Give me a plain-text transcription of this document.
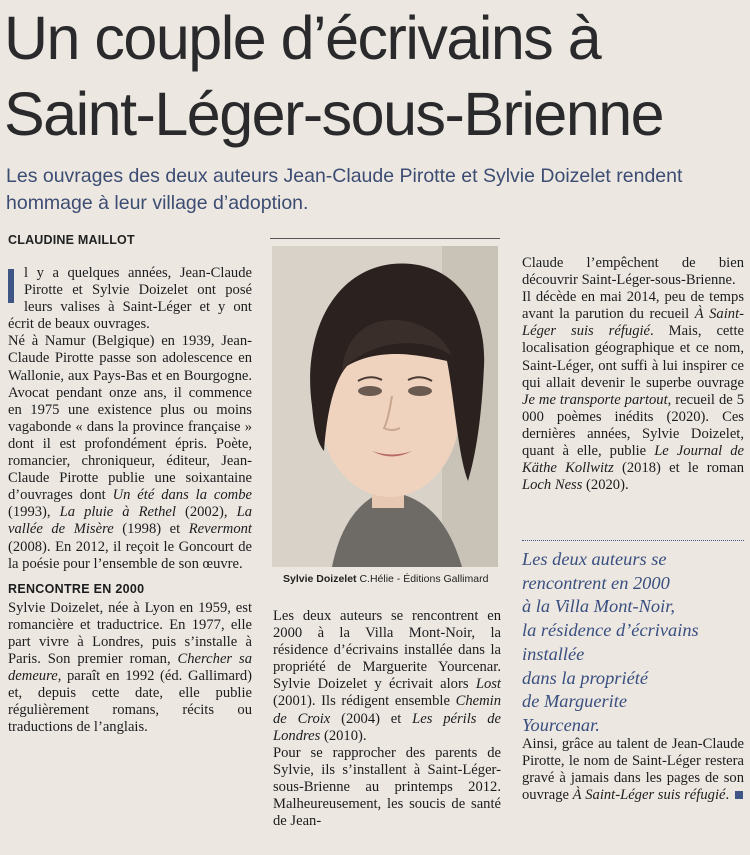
Un couple d’écrivains à
Saint-Léger-sous-Brienne

Les ouvrages des deux auteurs Jean-Claude Pirotte et Sylvie Doizelet rendent hommage à leur village d’adoption.

CLAUDINE MAILLOT

l y a quelques années, Jean-Claude Pirotte et Sylvie Doizelet ont posé leurs valises à Saint-Léger et y ont écrit de beaux ouvrages.

Né à Namur (Belgique) en 1939, Jean-Claude Pirotte passe son adolescence en Wallonie, aux Pays-Bas et en Bourgogne. Avocat pendant onze ans, il commence en 1975 une existence plus ou moins vagabonde « dans la province française » dont il est profondément épris. Poète, romancier, chroniqueur, éditeur, Jean-Claude Pirotte publie une soixantaine d’ouvrages dont Un été dans la combe (1993), La pluie à Rethel (2002), La vallée de Misère (1998) et Revermont (2008). En 2012, il reçoit le Goncourt de la poésie pour l’ensemble de son œuvre.

RENCONTRE EN 2000

Sylvie Doizelet, née à Lyon en 1959, est romancière et traductrice. En 1977, elle part vivre à Londres, puis s’installe à Paris. Son premier roman, Chercher sa demeure, paraît en 1992 (éd. Gallimard) et, depuis cette date, elle publie régulièrement romans, récits ou traductions de l’anglais.

Sylvie Doizelet C.Hélie - Éditions Gallimard

Les deux auteurs se rencontrent en 2000 à la Villa Mont-Noir, la résidence d’écrivains installée dans la propriété de Marguerite Yourcenar. Sylvie Doizelet y écrivait alors Lost (2001). Ils rédigent ensemble Chemin de Croix (2004) et Les périls de Londres (2010).

Pour se rapprocher des parents de Sylvie, ils s’installent à Saint-Léger-sous-Brienne au printemps 2012. Malheureusement, les soucis de santé de Jean-

Claude l’empêchent de bien découvrir Saint-Léger-sous-Brienne.

Il décède en mai 2014, peu de temps avant la parution du recueil À Saint-Léger suis réfugié. Mais, cette localisation géographique et ce nom, Saint-Léger, ont suffi à lui inspirer ce qui allait devenir le superbe ouvrage Je me transporte partout, recueil de 5 000 poèmes inédits (2020). Ces dernières années, Sylvie Doizelet, quant à elle, publie Le Journal de Käthe Kollwitz (2018) et le roman Loch Ness (2020).

Les deux auteurs se
rencontrent en 2000
à la Villa Mont-Noir,
la résidence d’écrivains
installée
dans la propriété
de Marguerite
Yourcenar.

Ainsi, grâce au talent de Jean-Claude Pirotte, le nom de Saint-Léger restera gravé à jamais dans les pages de son ouvrage À Saint-Léger suis réfugié.
